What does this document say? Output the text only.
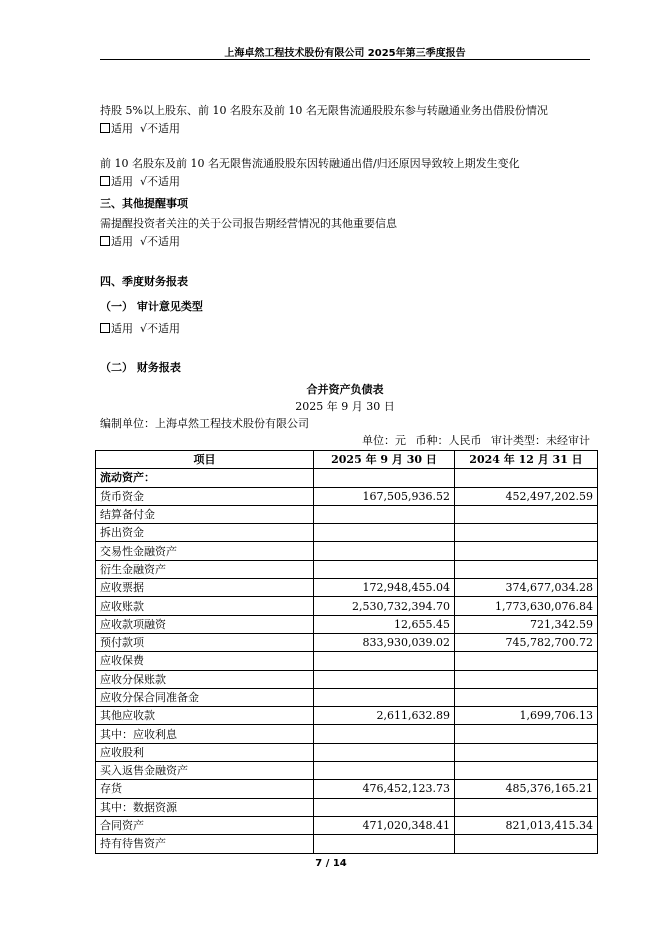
上海卓然工程技术股份有限公司 2025年第三季度报告
持股 5%以上股东、前 10 名股东及前 10 名无限售流通股股东参与转融通业务出借股份情况
适用 √不适用
前 10 名股东及前 10 名无限售流通股股东因转融通出借/归还原因导致较上期发生变化
适用 √不适用
三、其他提醒事项
需提醒投资者关注的关于公司报告期经营情况的其他重要信息
适用 √不适用
四、季度财务报表
（一） 审计意见类型
适用 √不适用
（二） 财务报表
合并资产负债表
2025 年 9 月 30 日
编制单位：上海卓然工程技术股份有限公司
单位：元 币种：人民币 审计类型：未经审计
项目	2025 年 9 月 30 日	2024 年 12 月 31 日
流动资产：		
货币资金	167,505,936.52	452,497,202.59
结算备付金		
拆出资金		
交易性金融资产		
衍生金融资产		
应收票据	172,948,455.04	374,677,034.28
应收账款	2,530,732,394.70	1,773,630,076.84
应收款项融资	12,655.45	721,342.59
预付款项	833,930,039.02	745,782,700.72
应收保费		
应收分保账款		
应收分保合同准备金		
其他应收款	2,611,632.89	1,699,706.13
其中：应收利息		
应收股利		
买入返售金融资产		
存货	476,452,123.73	485,376,165.21
其中：数据资源		
合同资产	471,020,348.41	821,013,415.34
持有待售资产		
7 / 14
